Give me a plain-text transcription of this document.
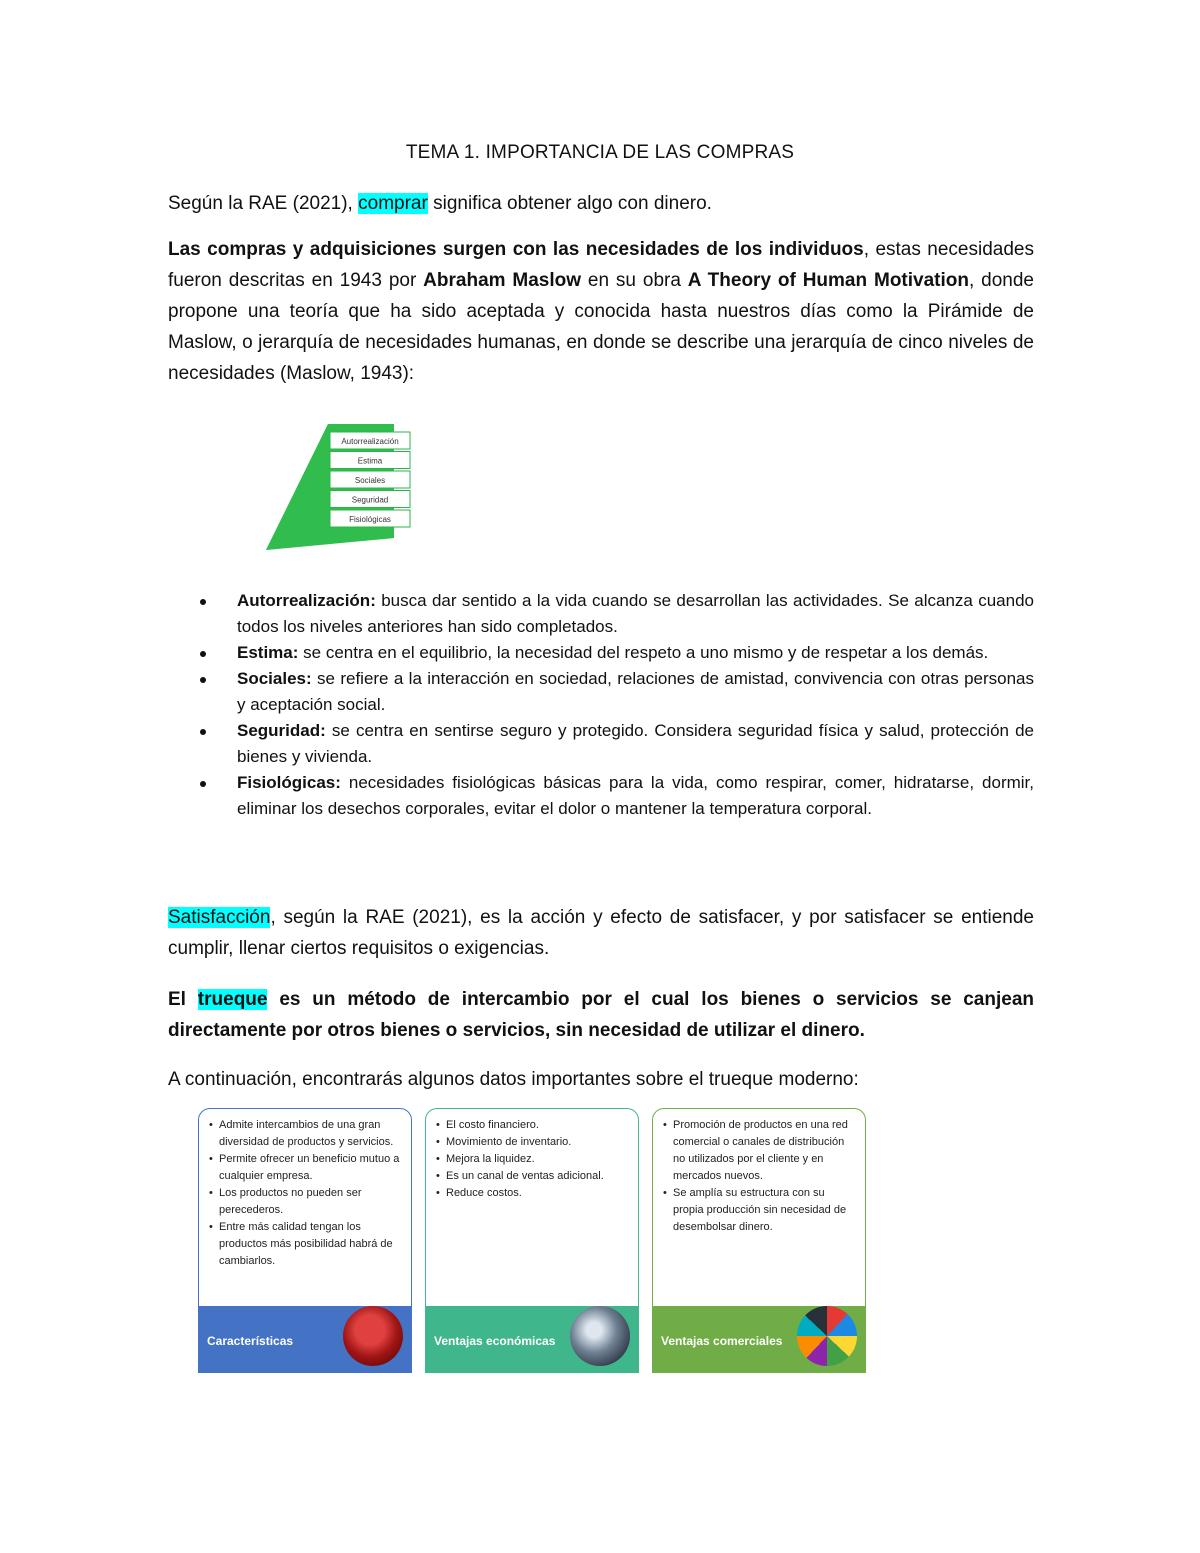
TEMA 1. IMPORTANCIA DE LAS COMPRAS

Según la RAE (2021), comprar significa obtener algo con dinero.

Las compras y adquisiciones surgen con las necesidades de los individuos, estas necesidades fueron descritas en 1943 por Abraham Maslow en su obra A Theory of Human Motivation, donde propone una teoría que ha sido aceptada y conocida hasta nuestros días como la Pirámide de Maslow, o jerarquía de necesidades humanas, en donde se describe una jerarquía de cinco niveles de necesidades (Maslow, 1943):

Autorrealización
Estima
Sociales
Seguridad
Fisiológicas
Autorrealización: busca dar sentido a la vida cuando se desarrollan las actividades. Se alcanza cuando todos los niveles anteriores han sido completados.
Estima: se centra en el equilibrio, la necesidad del respeto a uno mismo y de respetar a los demás.
Sociales: se refiere a la interacción en sociedad, relaciones de amistad, convivencia con otras personas y aceptación social.
Seguridad: se centra en sentirse seguro y protegido. Considera seguridad física y salud, protección de bienes y vivienda.
Fisiológicas: necesidades fisiológicas básicas para la vida, como respirar, comer, hidratarse, dormir, eliminar los desechos corporales, evitar el dolor o mantener la temperatura corporal.

Satisfacción, según la RAE (2021), es la acción y efecto de satisfacer, y por satisfacer se entiende cumplir, llenar ciertos requisitos o exigencias.

El trueque es un método de intercambio por el cual los bienes o servicios se canjean directamente por otros bienes o servicios, sin necesidad de utilizar el dinero.

A continuación, encontrarás algunos datos importantes sobre el trueque moderno:

• Admite intercambios de una gran diversidad de productos y servicios.
• Permite ofrecer un beneficio mutuo a cualquier empresa.
• Los productos no pueden ser perecederos.
• Entre más calidad tengan los productos más posibilidad habrá de cambiarlos.
Características
• El costo financiero.
• Movimiento de inventario.
• Mejora la liquidez.
• Es un canal de ventas adicional.
• Reduce costos.
Ventajas económicas
• Promoción de productos en una red comercial o canales de distribución no utilizados por el cliente y en mercados nuevos.
• Se amplía su estructura con su propia producción sin necesidad de desembolsar dinero.
Ventajas comerciales
